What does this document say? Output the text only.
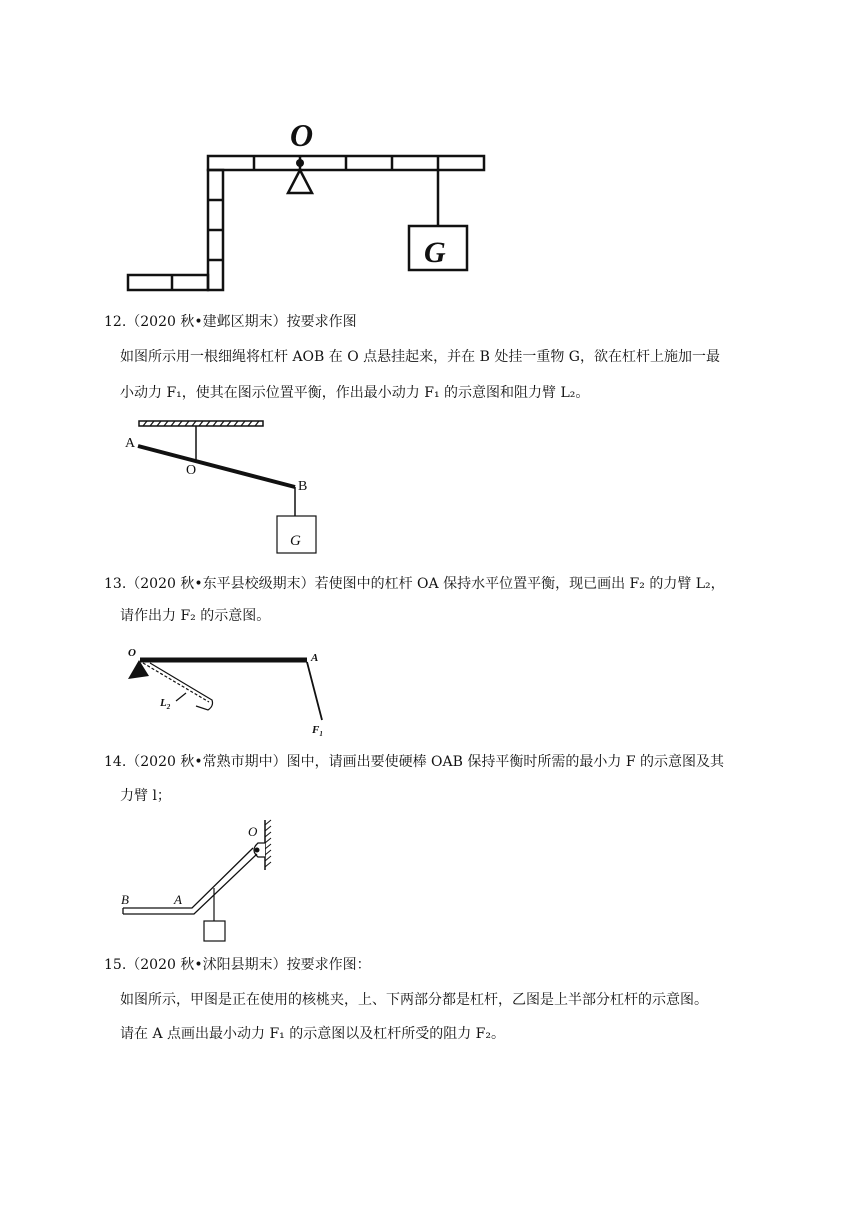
O
G
12.（2020 秋•建邺区期末）按要求作图
如图所示用一根细绳将杠杆 AOB 在 O 点悬挂起来，并在 B 处挂一重物 G，欲在杠杆上施加一最
小动力 F₁，使其在图示位置平衡，作出最小动力 F₁ 的示意图和阻力臂 L₂。
A
O
B
G
13.（2020 秋•东平县校级期末）若使图中的杠杆 OA 保持水平位置平衡，现已画出 F₂ 的力臂 L₂，
请作出力 F₂ 的示意图。
O	A
$L_2$
$F_1$
14.（2020 秋•常熟市期中）图中，请画出要使硬棒 OAB 保持平衡时所需的最小力 F 的示意图及其
力臂 l；
O
A
B
15.（2020 秋•沭阳县期末）按要求作图：
如图所示，甲图是正在使用的核桃夹，上、下两部分都是杠杆，乙图是上半部分杠杆的示意图。
请在 A 点画出最小动力 F₁ 的示意图以及杠杆所受的阻力 F₂。
